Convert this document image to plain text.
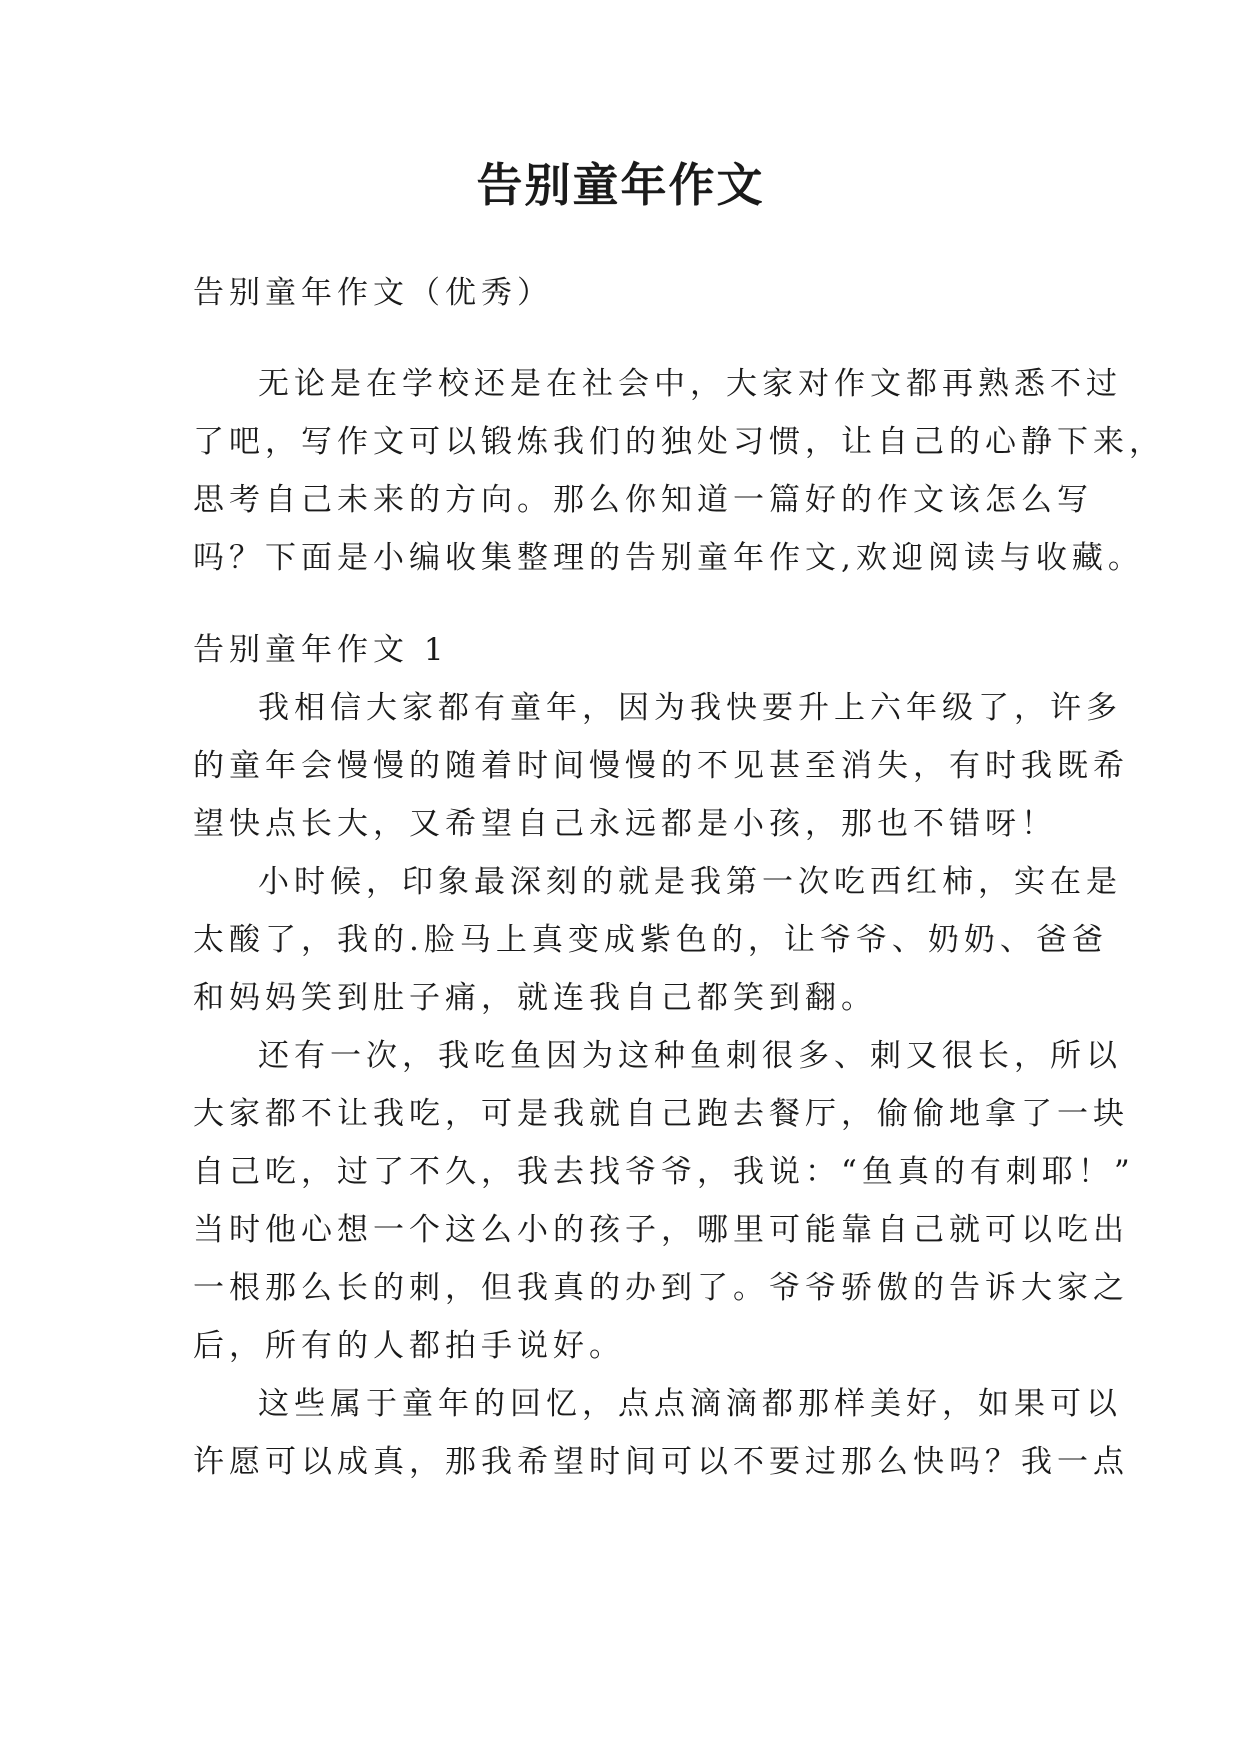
告别童年作文

告别童年作文（优秀）

无论是在学校还是在社会中，大家对作文都再熟悉不过

了吧，写作文可以锻炼我们的独处习惯，让自己的心静下来，

思考自己未来的方向。那么你知道一篇好的作文该怎么写

吗？下面是小编收集整理的告别童年作文,欢迎阅读与收藏。

告别童年作文 1

我相信大家都有童年，因为我快要升上六年级了，许多

的童年会慢慢的随着时间慢慢的不见甚至消失，有时我既希

望快点长大，又希望自己永远都是小孩，那也不错呀！

小时候，印象最深刻的就是我第一次吃西红柿，实在是

太酸了，我的.脸马上真变成紫色的，让爷爷、奶奶、爸爸

和妈妈笑到肚子痛，就连我自己都笑到翻。

还有一次，我吃鱼因为这种鱼刺很多、刺又很长，所以

大家都不让我吃，可是我就自己跑去餐厅，偷偷地拿了一块

自己吃，过了不久，我去找爷爷，我说：“鱼真的有刺耶！”

当时他心想一个这么小的孩子，哪里可能靠自己就可以吃出

一根那么长的刺，但我真的办到了。爷爷骄傲的告诉大家之

后，所有的人都拍手说好。

这些属于童年的回忆，点点滴滴都那样美好，如果可以

许愿可以成真，那我希望时间可以不要过那么快吗？我一点
